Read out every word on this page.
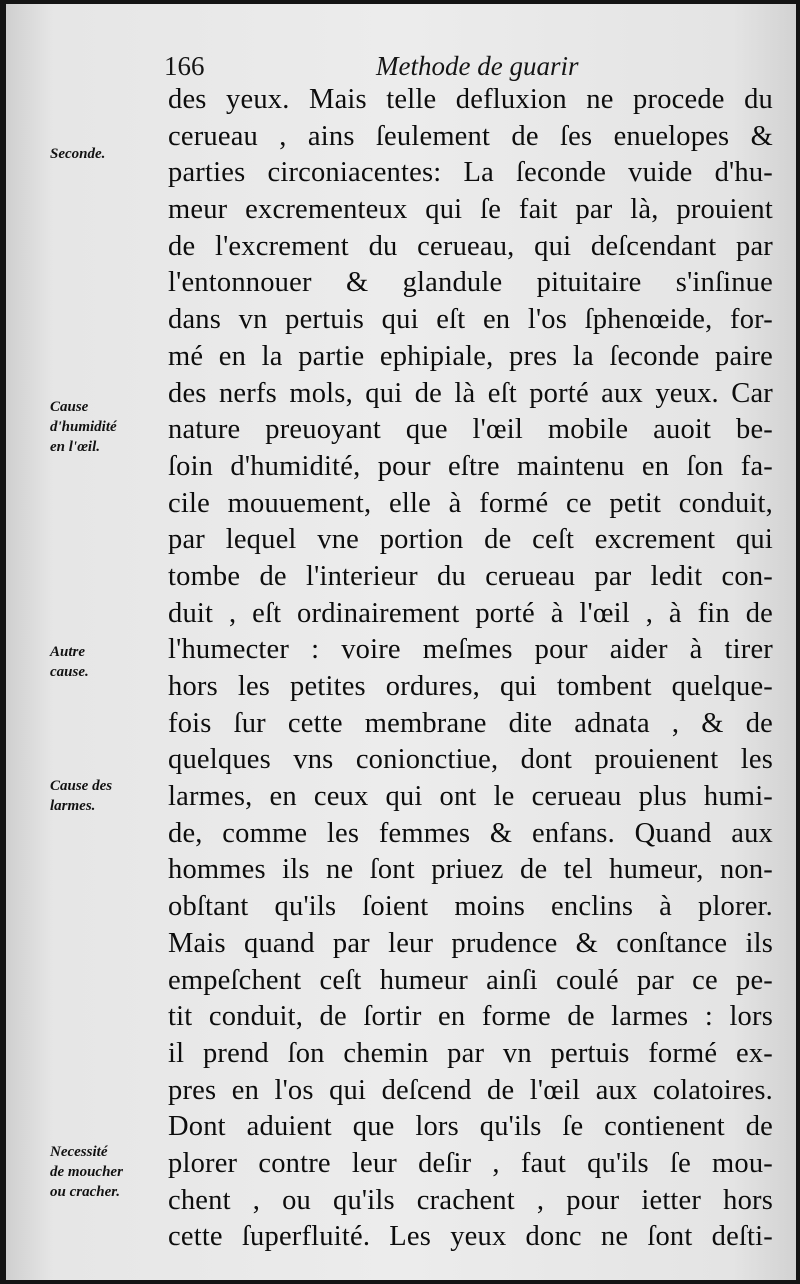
166	Methode de guarir
Seconde.
Cause
d'humidité
en l'œil.
Autre
cause.
Cause des
larmes.
Necessité
de moucher
ou cracher.
des yeux. Mais telle defluxion ne procede du
cerueau , ains ſeulement de ſes enuelopes &
parties circoniacentes: La ſeconde vuide d'hu-
meur excrementeux qui ſe fait par là, prouient
de l'excrement du cerueau, qui deſcendant par
l'entonnouer & glandule pituitaire s'inſinue
dans vn pertuis qui eſt en l'os ſphenœide, for-
mé en la partie ephipiale, pres la ſeconde paire
des nerfs mols, qui de là eſt porté aux yeux. Car
nature preuoyant que l'œil mobile auoit be-
ſoin d'humidité, pour eſtre maintenu en ſon fa-
cile mouuement, elle à formé ce petit conduit,
par lequel vne portion de ceſt excrement qui
tombe de l'interieur du cerueau par ledit con-
duit , eſt ordinairement porté à l'œil , à fin de
l'humecter : voire meſmes pour aider à tirer
hors les petites ordures, qui tombent quelque-
fois ſur cette membrane dite adnata , & de
quelques vns conionctiue, dont prouienent les
larmes, en ceux qui ont le cerueau plus humi-
de, comme les femmes & enfans. Quand aux
hommes ils ne ſont priuez de tel humeur, non-
obſtant qu'ils ſoient moins enclins à plorer.
Mais quand par leur prudence & conſtance ils
empeſchent ceſt humeur ainſi coulé par ce pe-
tit conduit, de ſortir en forme de larmes : lors
il prend ſon chemin par vn pertuis formé ex-
pres en l'os qui deſcend de l'œil aux colatoires.
Dont aduient que lors qu'ils ſe contienent de
plorer contre leur deſir , faut qu'ils ſe mou-
chent , ou qu'ils crachent , pour ietter hors
cette ſuperfluité. Les yeux donc ne ſont deſti-
